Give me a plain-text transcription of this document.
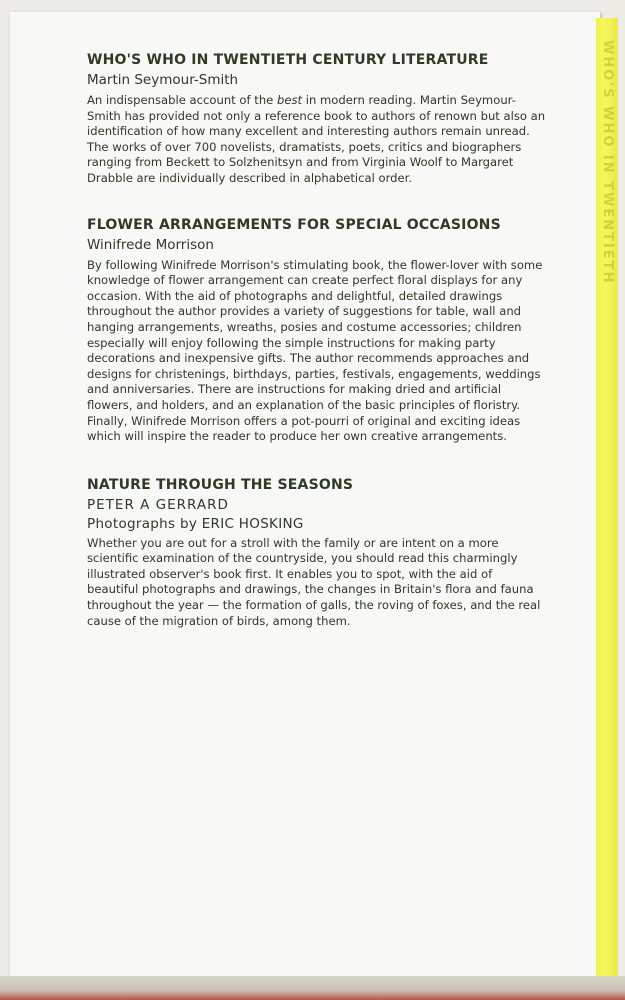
WHO'S WHO IN TWENTIETH
WHO'S WHO IN TWENTIETH CENTURY LITERATURE
Martin Seymour-Smith

An indispensable account of the best in modern reading. Martin Seymour-Smith has provided not only a reference book to authors of renown but also an identification of how many excellent and interesting authors remain unread. The works of over 700 novelists, dramatists, poets, critics and biographers ranging from Beckett to Solzhenitsyn and from Virginia Woolf to Margaret Drabble are individually described in alphabetical order.

FLOWER ARRANGEMENTS FOR SPECIAL OCCASIONS
Winifrede Morrison

By following Winifrede Morrison's stimulating book, the flower-lover with some knowledge of flower arrangement can create perfect floral displays for any occasion. With the aid of photographs and delightful, detailed drawings throughout the author provides a variety of suggestions for table, wall and hanging arrangements, wreaths, posies and costume accessories; children especially will enjoy following the simple instructions for making party decorations and inexpensive gifts. The author recommends approaches and designs for christenings, birthdays, parties, festivals, engagements, weddings and anniversaries. There are instructions for making dried and artificial flowers, and holders, and an explanation of the basic principles of floristry. Finally, Winifrede Morrison offers a pot-pourri of original and exciting ideas which will inspire the reader to produce her own creative arrangements.

NATURE THROUGH THE SEASONS
PETER A GERRARD
Photographs by ERIC HOSKING

Whether you are out for a stroll with the family or are intent on a more scientific examination of the countryside, you should read this charmingly illustrated observer's book first. It enables you to spot, with the aid of beautiful photographs and drawings, the changes in Britain's flora and fauna throughout the year — the formation of galls, the roving of foxes, and the real cause of the migration of birds, among them.
